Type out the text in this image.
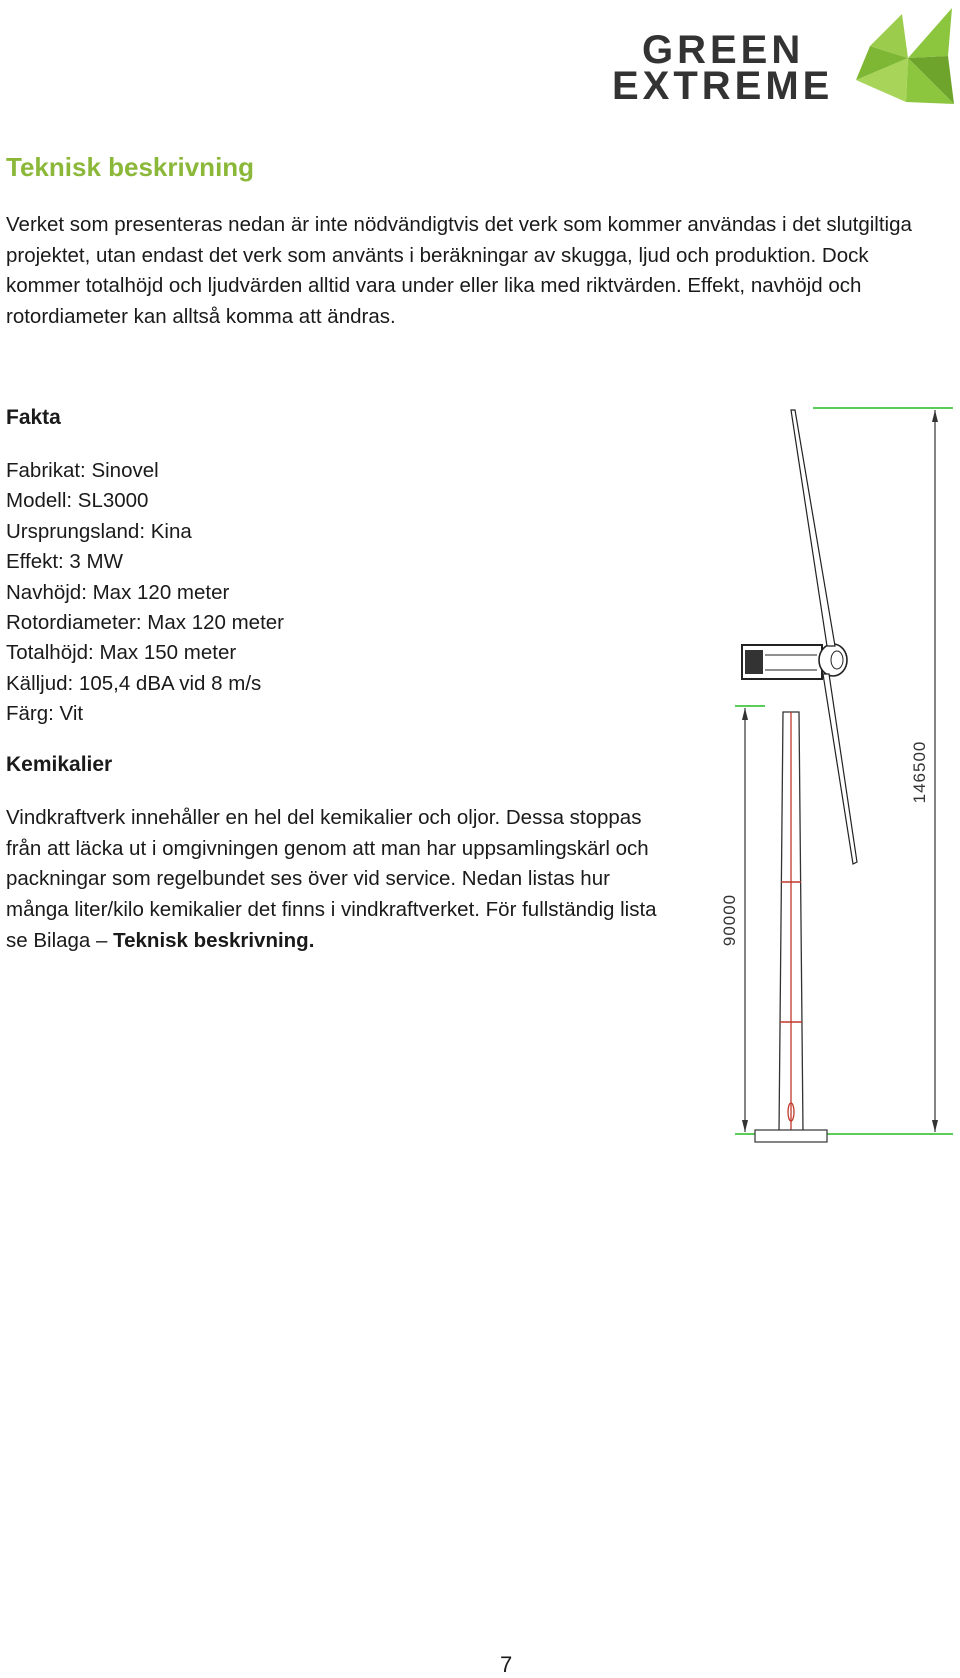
GREEN
EXTREME
Teknisk beskrivning

Verket som presenteras nedan är inte nödvändigtvis det verk som kommer användas i det slutgiltiga projektet, utan endast det verk som använts i beräkningar av skugga, ljud och produktion. Dock kommer totalhöjd och ljudvärden alltid vara under eller lika med riktvärden. Effekt, navhöjd och rotordiameter kan alltså komma att ändras.

Fakta
Fabrikat: Sinovel
Modell: SL3000
Ursprungsland: Kina
Effekt: 3 MW
Navhöjd: Max 120 meter
Rotordiameter: Max 120 meter
Totalhöjd: Max 150 meter
Källjud: 105,4 dBA vid 8 m/s
Färg: Vit
Kemikalier

Vindkraftverk innehåller en hel del kemikalier och oljor. Dessa stoppas från att läcka ut i omgivningen genom att man har uppsamlingskärl och packningar som regelbundet ses över vid service. Nedan listas hur många liter/kilo kemikalier det finns i vindkraftverket. För fullständig lista se Bilaga – Teknisk beskrivning.

146500
90000
7
